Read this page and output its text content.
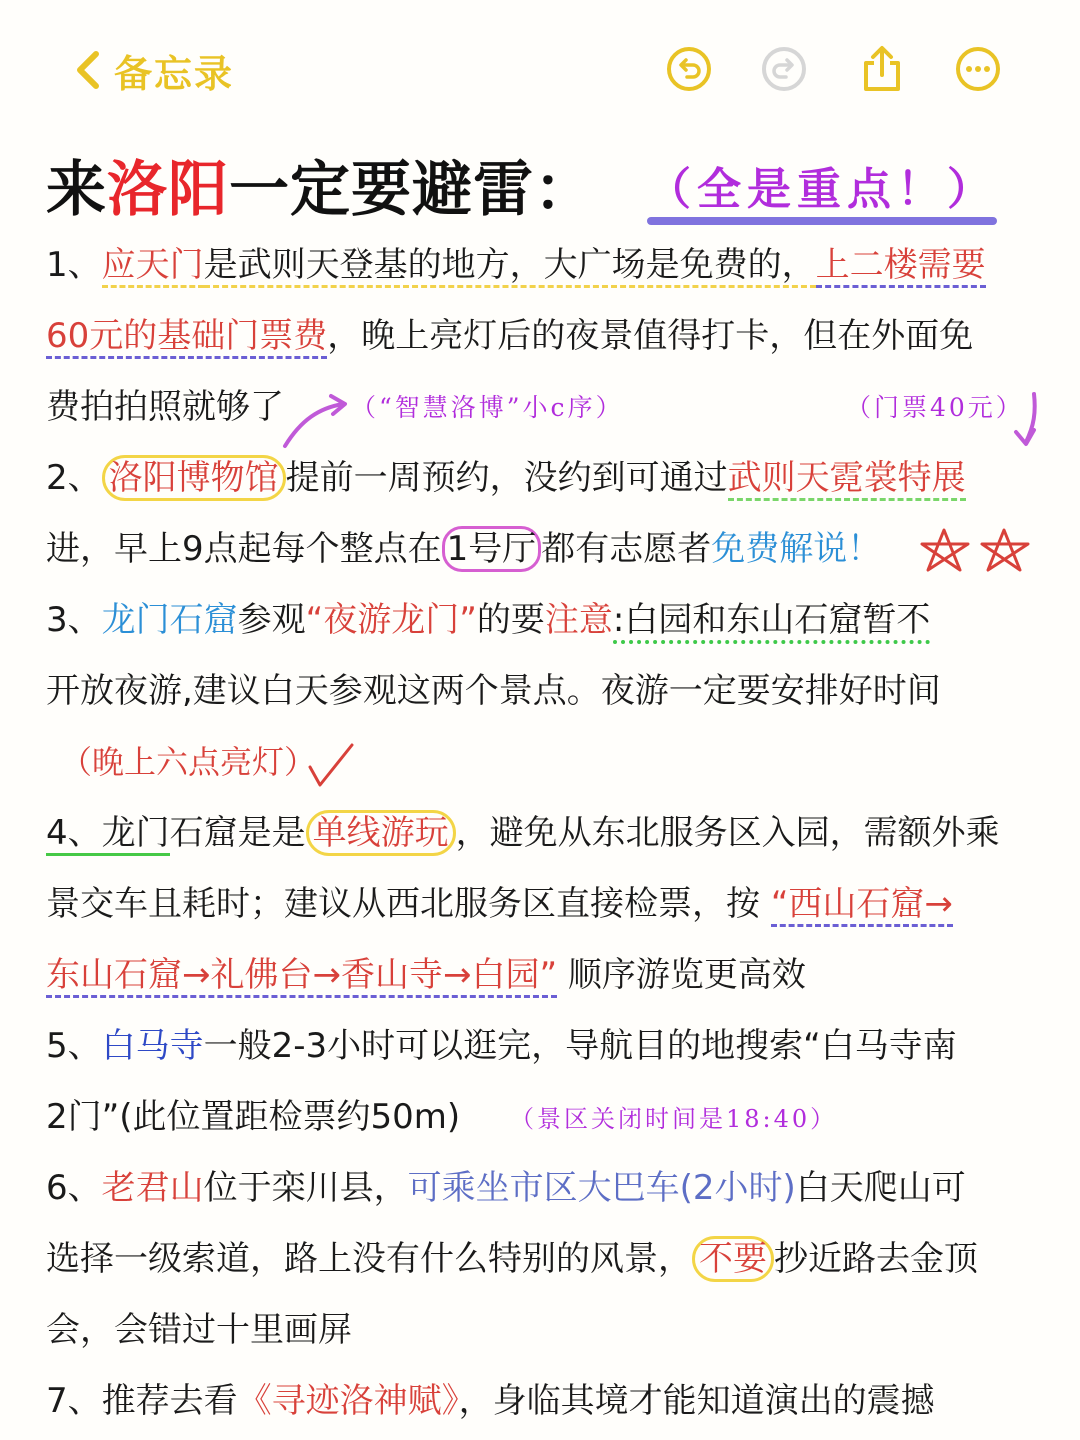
备忘录
来洛阳一定要避雷： （全是重点！）
1、应天门是武则天登基的地方，大广场是免费的，上二楼需要
60元的基础门票费，晚上亮灯后的夜景值得打卡，但在外面免
费拍拍照就够了	（“智慧洛博”小c序）	（门票40元）
2、 洛阳博物馆 提前一周预约，没约到可通过武则天霓裳特展
进，早上9点起每个整点在 1号厅 都有志愿者免费解说！
3、龙门石窟参观“夜游龙门”的要注意:白园和东山石窟暂不
开放夜游,建议白天参观这两个景点。夜游一定要安排好时间
（晚上六点亮灯）
4、龙门石窟是是 单线游玩 ，避免从东北服务区入园，需额外乘
景交车且耗时；建议从西北服务区直接检票，按 “西山石窟→
东山石窟→礼佛台→香山寺→白园” 顺序游览更高效
5、白马寺一般2-3小时可以逛完，导航目的地搜索“白马寺南
2门”(此位置距检票约50m) （景区关闭时间是18:40）
6、老君山位于栾川县，可乘坐市区大巴车(2小时)白天爬山可
选择一级索道，路上没有什么特别的风景， 不要 抄近路去金顶
会，会错过十里画屏
7、推荐去看《寻迹洛神赋》，身临其境才能知道演出的震撼
